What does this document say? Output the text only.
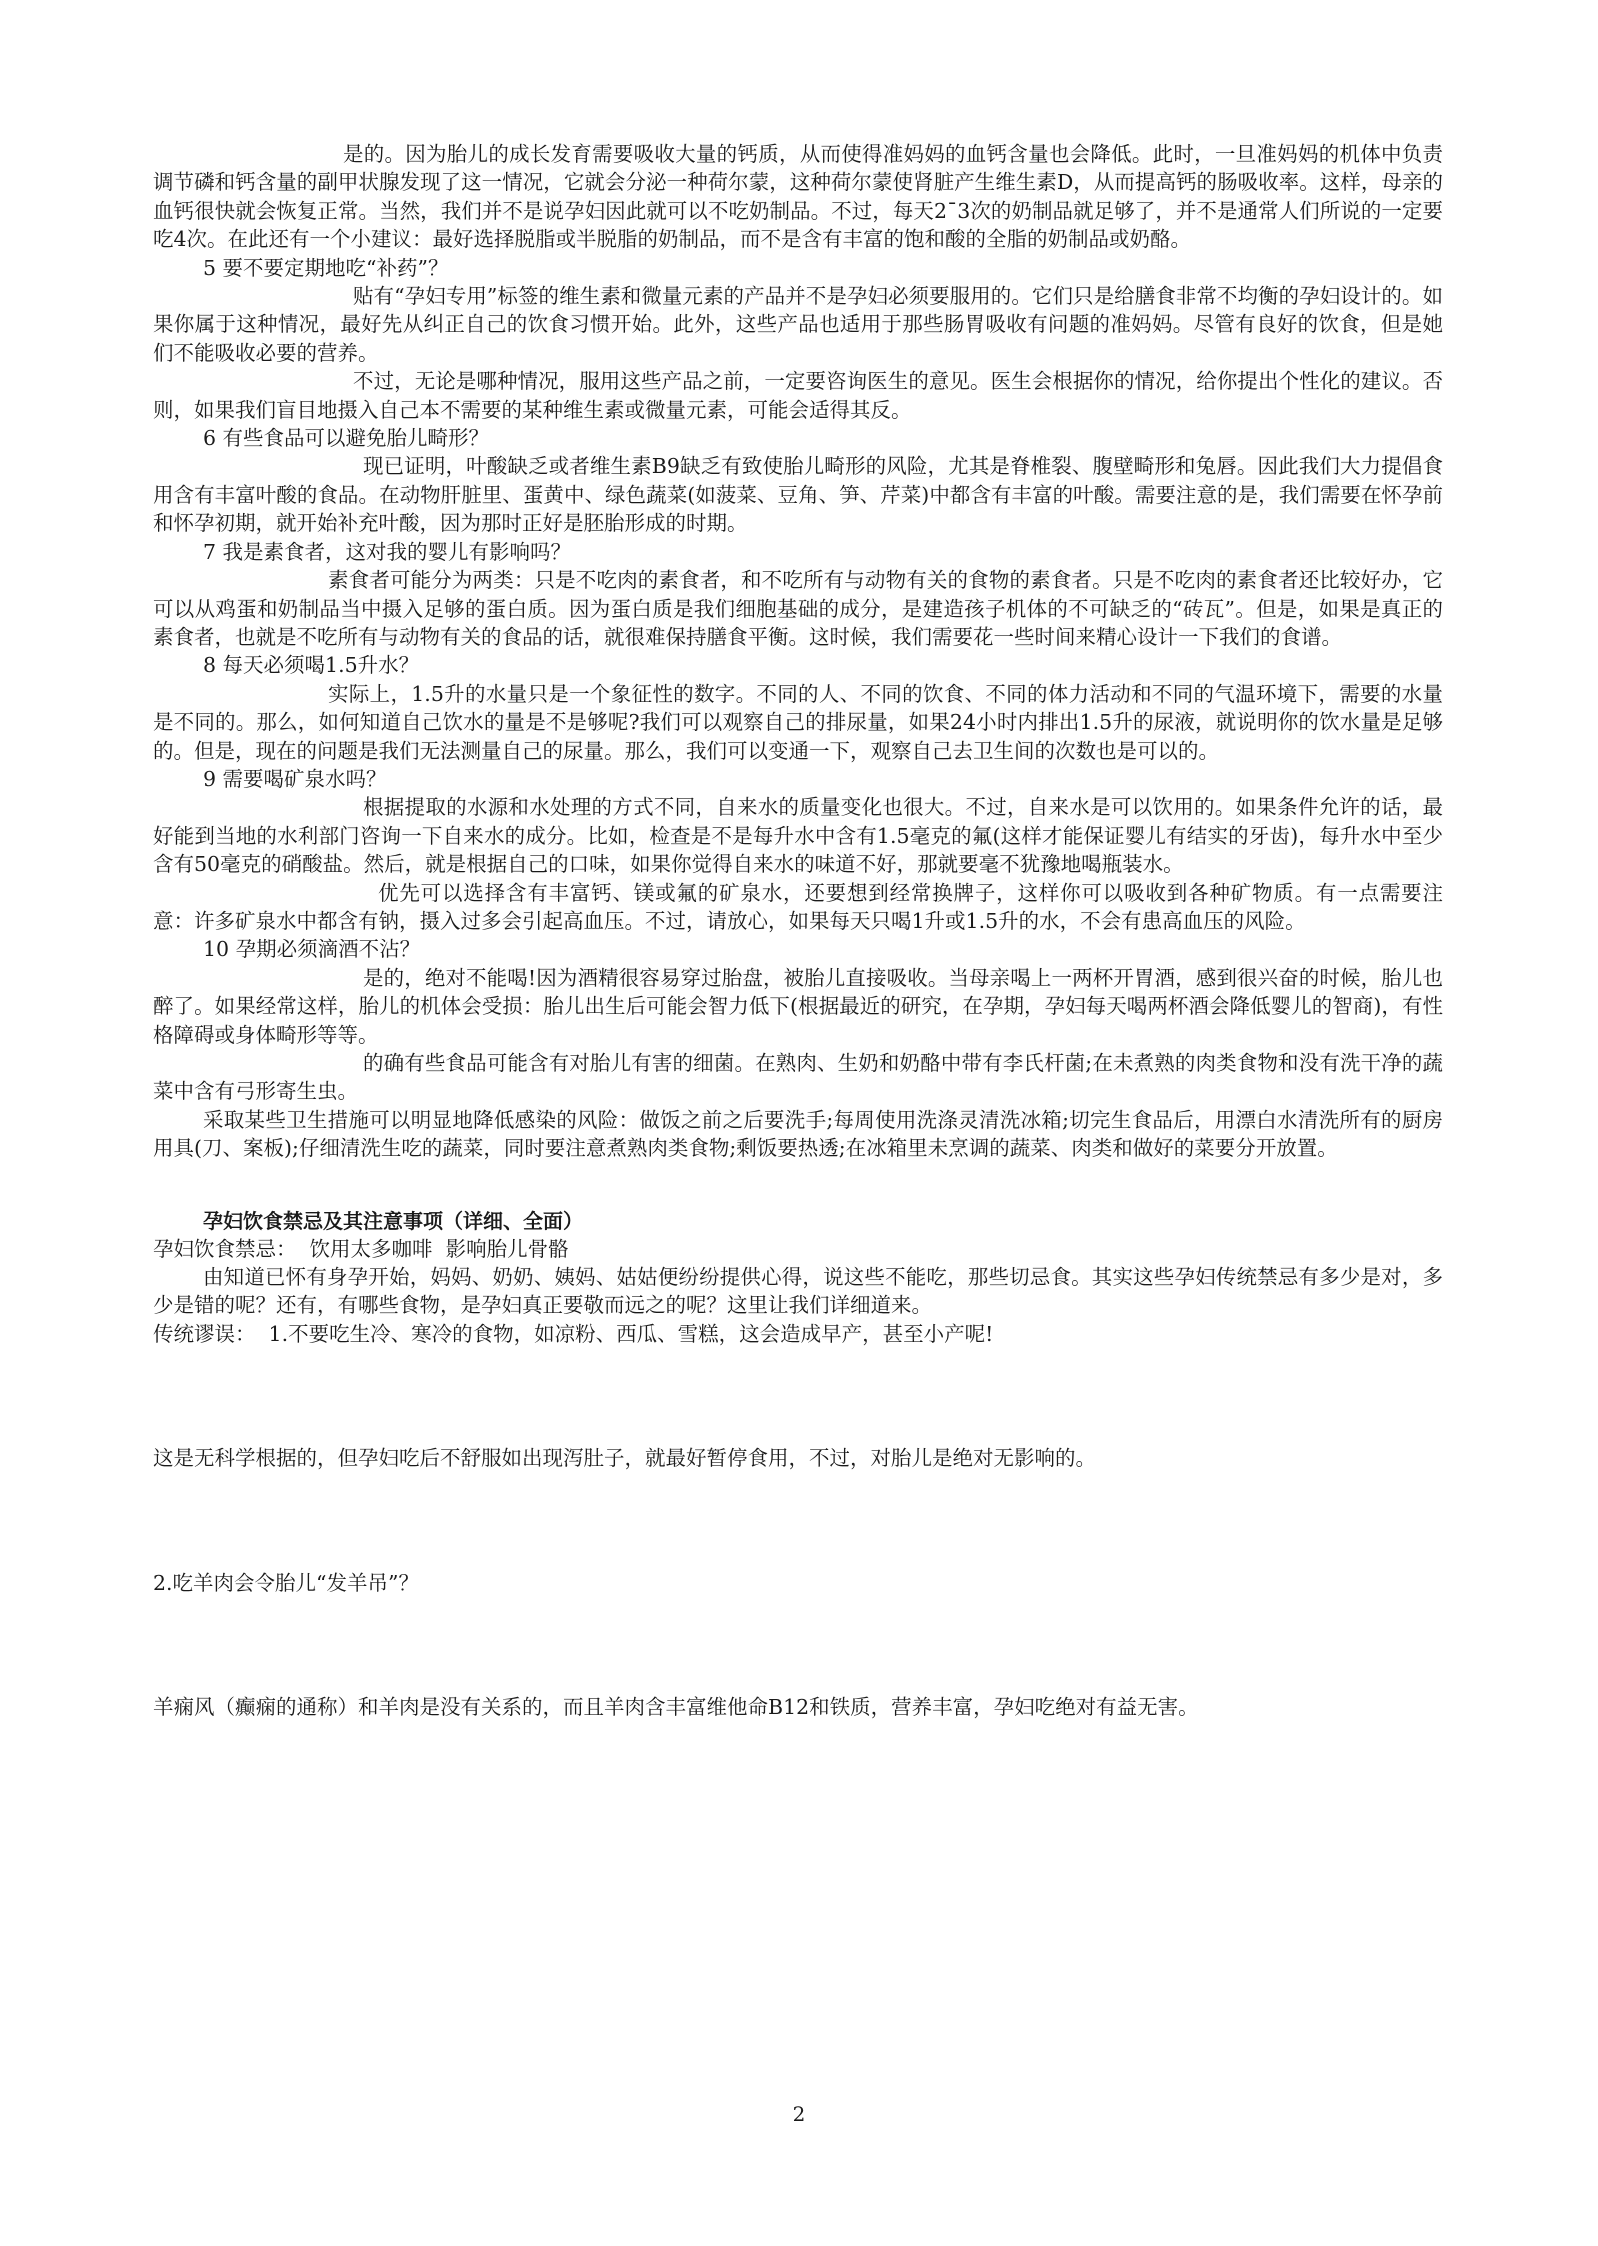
是的。因为胎儿的成长发育需要吸收大量的钙质，从而使得准妈妈的血钙含量也会降低。此时，一旦准妈妈的机体中负责调节磷和钙含量的副甲状腺发现了这一情况，它就会分泌一种荷尔蒙，这种荷尔蒙使肾脏产生维生素D，从而提高钙的肠吸收率。这样，母亲的血钙很快就会恢复正常。当然，我们并不是说孕妇因此就可以不吃奶制品。不过，每天2¯3次的奶制品就足够了，并不是通常人们所说的一定要吃4次。在此还有一个小建议：最好选择脱脂或半脱脂的奶制品，而不是含有丰富的饱和酸的全脂的奶制品或奶酪。

5 要不要定期地吃“补药”？

贴有“孕妇专用”标签的维生素和微量元素的产品并不是孕妇必须要服用的。它们只是给膳食非常不均衡的孕妇设计的。如果你属于这种情况，最好先从纠正自己的饮食习惯开始。此外，这些产品也适用于那些肠胃吸收有问题的准妈妈。尽管有良好的饮食，但是她们不能吸收必要的营养。

不过，无论是哪种情况，服用这些产品之前，一定要咨询医生的意见。医生会根据你的情况，给你提出个性化的建议。否则，如果我们盲目地摄入自己本不需要的某种维生素或微量元素，可能会适得其反。

6 有些食品可以避免胎儿畸形？

现已证明，叶酸缺乏或者维生素B9缺乏有致使胎儿畸形的风险，尤其是脊椎裂、腹壁畸形和兔唇。因此我们大力提倡食用含有丰富叶酸的食品。在动物肝脏里、蛋黄中、绿色蔬菜(如菠菜、豆角、笋、芹菜)中都含有丰富的叶酸。需要注意的是，我们需要在怀孕前和怀孕初期，就开始补充叶酸，因为那时正好是胚胎形成的时期。

7 我是素食者，这对我的婴儿有影响吗？

素食者可能分为两类：只是不吃肉的素食者，和不吃所有与动物有关的食物的素食者。只是不吃肉的素食者还比较好办，它可以从鸡蛋和奶制品当中摄入足够的蛋白质。因为蛋白质是我们细胞基础的成分，是建造孩子机体的不可缺乏的“砖瓦”。但是，如果是真正的素食者，也就是不吃所有与动物有关的食品的话，就很难保持膳食平衡。这时候，我们需要花一些时间来精心设计一下我们的食谱。

8 每天必须喝1.5升水？

实际上，1.5升的水量只是一个象征性的数字。不同的人、不同的饮食、不同的体力活动和不同的气温环境下，需要的水量是不同的。那么，如何知道自己饮水的量是不是够呢?我们可以观察自己的排尿量，如果24小时内排出1.5升的尿液，就说明你的饮水量是足够的。但是，现在的问题是我们无法测量自己的尿量。那么，我们可以变通一下，观察自己去卫生间的次数也是可以的。

9 需要喝矿泉水吗？

根据提取的水源和水处理的方式不同，自来水的质量变化也很大。不过，自来水是可以饮用的。如果条件允许的话，最好能到当地的水利部门咨询一下自来水的成分。比如，检查是不是每升水中含有1.5毫克的氟(这样才能保证婴儿有结实的牙齿)，每升水中至少含有50毫克的硝酸盐。然后，就是根据自己的口味，如果你觉得自来水的味道不好，那就要毫不犹豫地喝瓶装水。

优先可以选择含有丰富钙、镁或氟的矿泉水，还要想到经常换牌子，这样你可以吸收到各种矿物质。有一点需要注意：许多矿泉水中都含有钠，摄入过多会引起高血压。不过，请放心，如果每天只喝1升或1.5升的水，不会有患高血压的风险。

10 孕期必须滴酒不沾？

是的，绝对不能喝!因为酒精很容易穿过胎盘，被胎儿直接吸收。当母亲喝上一两杯开胃酒，感到很兴奋的时候，胎儿也醉了。如果经常这样，胎儿的机体会受损：胎儿出生后可能会智力低下(根据最近的研究，在孕期，孕妇每天喝两杯酒会降低婴儿的智商)，有性格障碍或身体畸形等等。

的确有些食品可能含有对胎儿有害的细菌。在熟肉、生奶和奶酪中带有李氏杆菌;在未煮熟的肉类食物和没有洗干净的蔬菜中含有弓形寄生虫。

采取某些卫生措施可以明显地降低感染的风险：做饭之前之后要洗手;每周使用洗涤灵清洗冰箱;切完生食品后，用漂白水清洗所有的厨房用具(刀、案板);仔细清洗生吃的蔬菜，同时要注意煮熟肉类食物;剩饭要热透;在冰箱里未烹调的蔬菜、肉类和做好的菜要分开放置。

孕妇饮食禁忌及其注意事项（详细、全面）

孕妇饮食禁忌：  饮用太多咖啡  影响胎儿骨骼

由知道已怀有身孕开始，妈妈、奶奶、姨妈、姑姑便纷纷提供心得，说这些不能吃，那些切忌食。其实这些孕妇传统禁忌有多少是对，多少是错的呢？还有，有哪些食物，是孕妇真正要敬而远之的呢？这里让我们详细道来。

传统谬误：  1.不要吃生冷、寒冷的食物，如凉粉、西瓜、雪糕，这会造成早产，甚至小产呢!

这是无科学根据的，但孕妇吃后不舒服如出现泻肚子，就最好暂停食用，不过，对胎儿是绝对无影响的。

2.吃羊肉会令胎儿“发羊吊”？

羊痫风（癫痫的通称）和羊肉是没有关系的，而且羊肉含丰富维他命B12和铁质，营养丰富，孕妇吃绝对有益无害。

2
